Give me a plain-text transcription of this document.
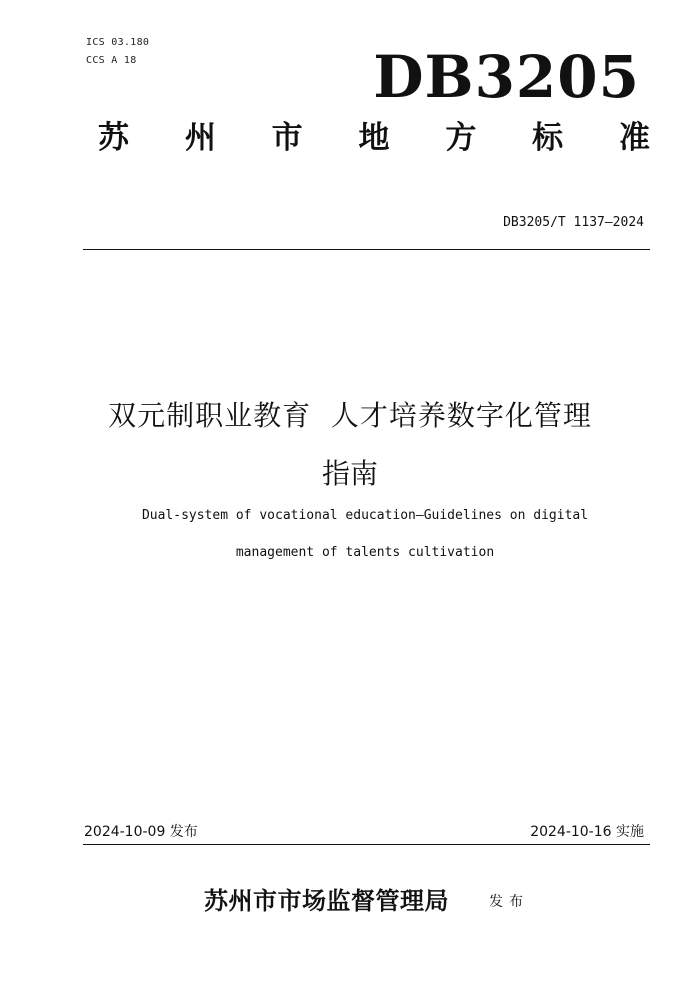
ICS 03.180
CCS A 18	DB3205
苏 州 市 地 方 标 准
DB3205/T 1137—2024
双元制职业教育  人才培养数字化管理
指南
Dual-system of vocational education—Guidelines on digital
management of talents cultivation
2024-10-09 发布	2024-10-16 实施
苏州市市场监督管理局	发布
